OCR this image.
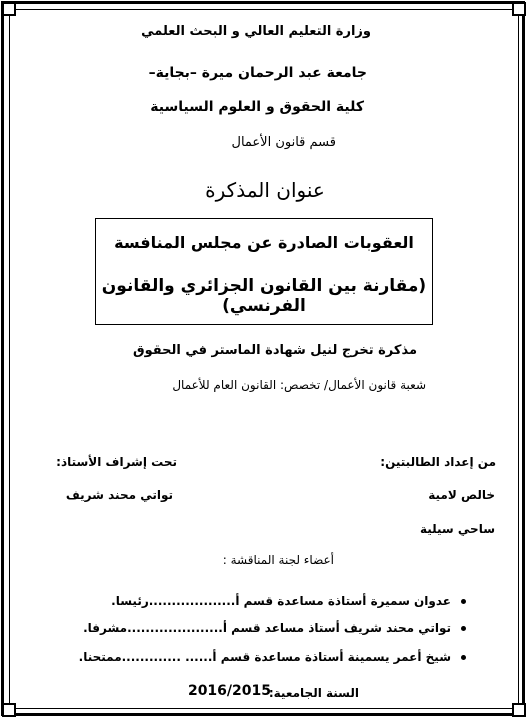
وزارة التعليم العالي و البحث العلمي
جامعة عبد الرحمان ميرة –بجاية–
كلية الحقوق و العلوم السياسية
قسم قانون الأعمال
عنوان المذكرة
العقوبات الصادرة عن مجلس المنافسة
(مقارنة بين القانون الجزائري والقانون الفرنسي)
مذكرة تخرج لنيل شهادة الماستر في الحقوق
شعبة قانون الأعمال/ تخصص: القانون العام للأعمال
من إعداد الطالبتين:
تحت إشراف الأستاذ:
خالص لامية
تواتي محند شريف
ساحي سيلية
أعضاء لجنة المناقشة :
عدوان سميرة أستاذة مساعدة قسم أ...................رئيسا.
تواتي محند شريف أستاذ مساعد قسم أ.....................مشرفا.
شيخ أعمر يسمينة أستاذة مساعدة قسم أ...... .............ممتحنا.
السنة الجامعية:
2016/2015
